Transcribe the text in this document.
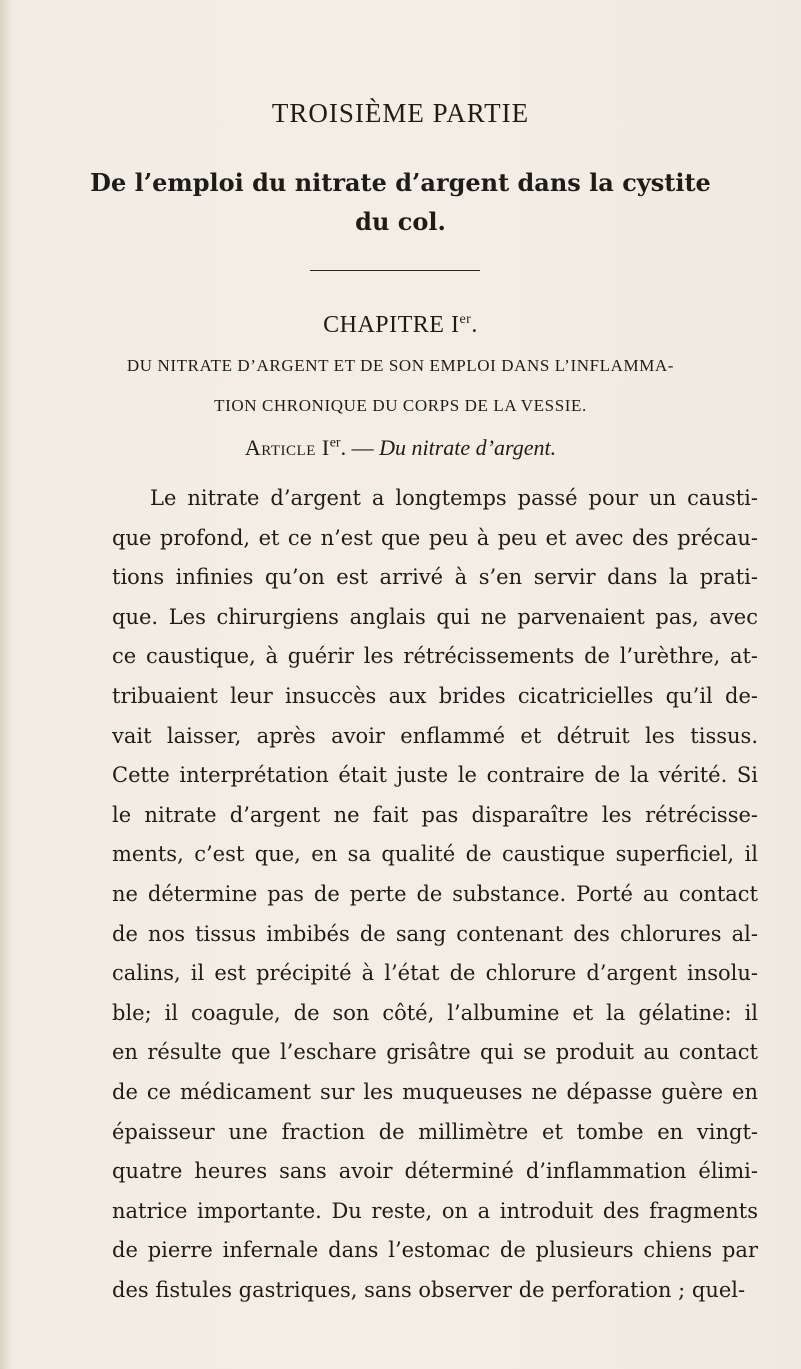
TROISIÈME PARTIE
De l’emploi du nitrate d’argent dans la cystite
du col.
CHAPITRE Ier.
DU NITRATE D’ARGENT ET DE SON EMPLOI DANS L’INFLAMMA-
TION CHRONIQUE DU CORPS DE LA VESSIE.
Article Ier. — Du nitrate d’argent.
Le nitrate d’argent a longtemps passé pour un causti-
que profond, et ce n’est que peu à peu et avec des précau-
tions infinies qu’on est arrivé à s’en servir dans la prati-
que. Les chirurgiens anglais qui ne parvenaient pas, avec
ce caustique, à guérir les rétrécissements de l’urèthre, at-
tribuaient leur insuccès aux brides cicatricielles qu’il de-
vait laisser, après avoir enflammé et détruit les tissus.
Cette interprétation était juste le contraire de la vérité. Si
le nitrate d’argent ne fait pas disparaître les rétrécisse-
ments, c’est que, en sa qualité de caustique superficiel, il
ne détermine pas de perte de substance. Porté au contact
de nos tissus imbibés de sang contenant des chlorures al-
calins, il est précipité à l’état de chlorure d’argent insolu-
ble; il coagule, de son côté, l’albumine et la gélatine: il
en résulte que l’eschare grisâtre qui se produit au contact
de ce médicament sur les muqueuses ne dépasse guère en
épaisseur une fraction de millimètre et tombe en vingt-
quatre heures sans avoir déterminé d’inflammation élimi-
natrice importante. Du reste, on a introduit des fragments
de pierre infernale dans l’estomac de plusieurs chiens par
des fistules gastriques, sans observer de perforation ; quel-
